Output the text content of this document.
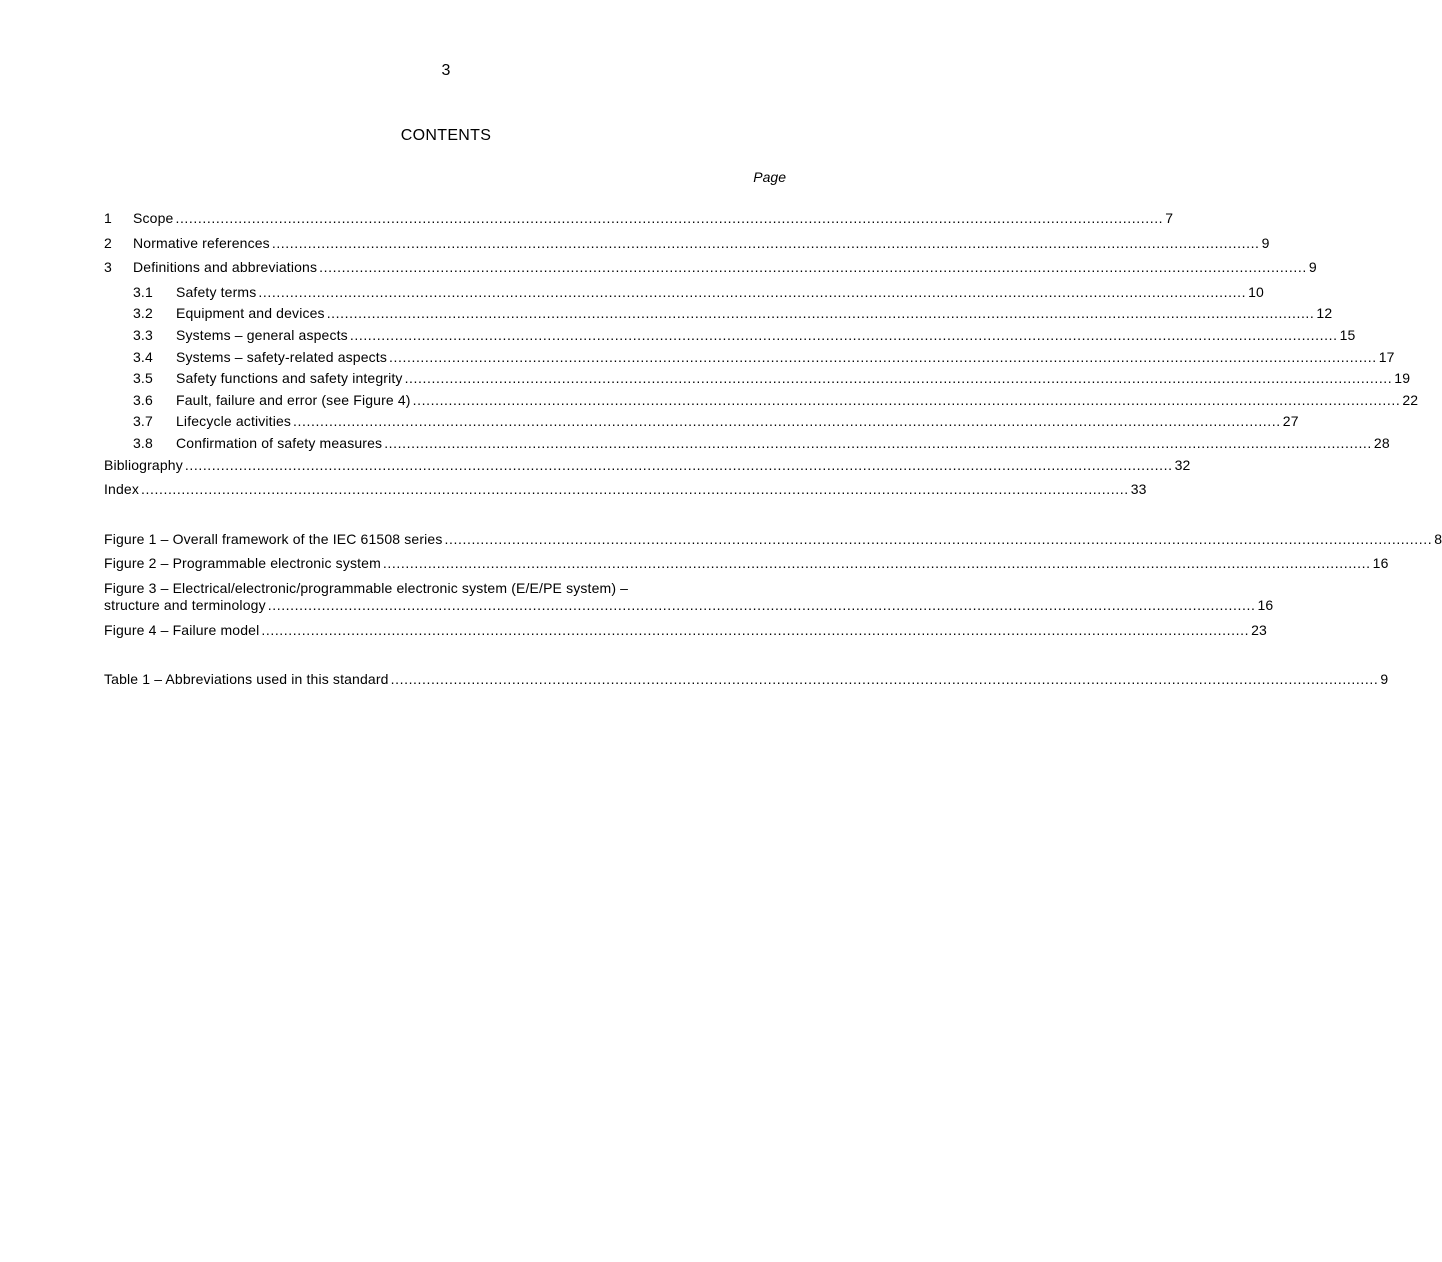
3
CONTENTS
Page
1	Scope ............................................................................................................................................................................................................................ 7
2	Normative references ............................................................................................................................................................................................................................ 9
3	Definitions and abbreviations ............................................................................................................................................................................................................................ 9
3.1	Safety terms ............................................................................................................................................................................................................................ 10
3.2	Equipment and devices ............................................................................................................................................................................................................................ 12
3.3	Systems – general aspects ............................................................................................................................................................................................................................ 15
3.4	Systems – safety-related aspects ............................................................................................................................................................................................................................ 17
3.5	Safety functions and safety integrity ............................................................................................................................................................................................................................ 19
3.6	Fault, failure and error (see Figure 4) ............................................................................................................................................................................................................................ 22
3.7	Lifecycle activities ............................................................................................................................................................................................................................ 27
3.8	Confirmation of safety measures ............................................................................................................................................................................................................................ 28
Bibliography ............................................................................................................................................................................................................................ 32
Index ............................................................................................................................................................................................................................ 33
Figure 1 – Overall framework of the IEC 61508 series ............................................................................................................................................................................................................................ 8
Figure 2 – Programmable electronic system ............................................................................................................................................................................................................................ 16
Figure 3 – Electrical/electronic/programmable electronic system (E/E/PE system) –
structure and terminology ............................................................................................................................................................................................................................ 16
Figure 4 – Failure model ............................................................................................................................................................................................................................ 23
Table 1 – Abbreviations used in this standard ............................................................................................................................................................................................................................ 9
